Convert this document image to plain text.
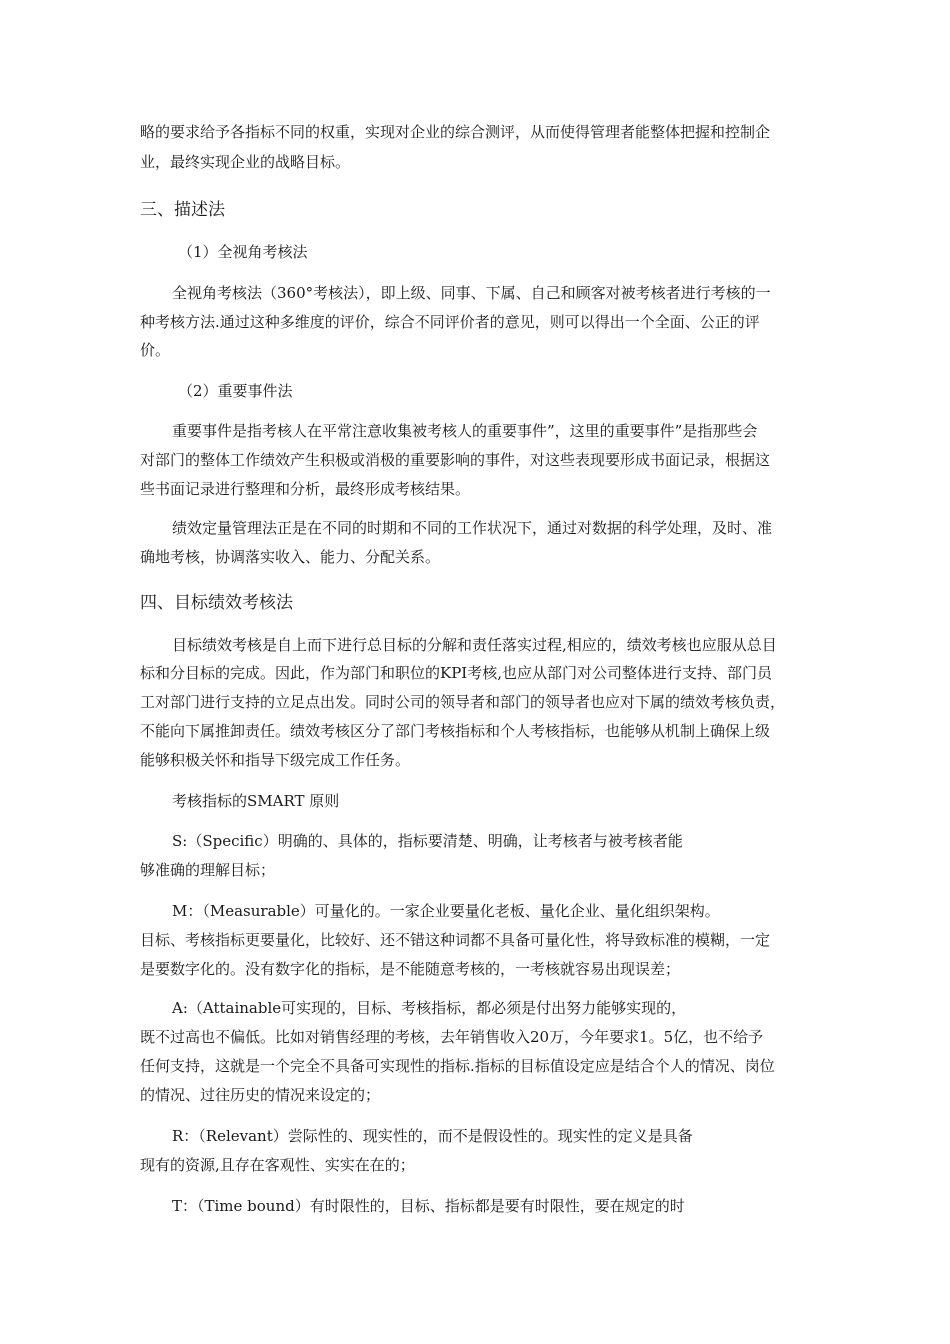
略的要求给予各指标不同的权重，实现对企业的综合测评，从而使得管理者能整体把握和控制企
业，最终实现企业的战略目标。
三、描述法
（1）全视角考核法
全视角考核法（360°考核法），即上级、同事、下属、自己和顾客对被考核者进行考核的一
种考核方法.通过这种多维度的评价，综合不同评价者的意见，则可以得出一个全面、公正的评
价。
（2）重要事件法
重要事件是指考核人在平常注意收集被考核人的重要事件”，这里的重要事件”是指那些会
对部门的整体工作绩效产生积极或消极的重要影响的事件，对这些表现要形成书面记录，根据这
些书面记录进行整理和分析，最终形成考核结果。
绩效定量管理法正是在不同的时期和不同的工作状况下，通过对数据的科学处理，及时、准
确地考核，协调落实收入、能力、分配关系。
四、目标绩效考核法
目标绩效考核是自上而下进行总目标的分解和责任落实过程,相应的，绩效考核也应服从总目
标和分目标的完成。因此，作为部门和职位的KPI考核,也应从部门对公司整体进行支持、部门员
工对部门进行支持的立足点出发。同时公司的领导者和部门的领导者也应对下属的绩效考核负责，
不能向下属推卸责任。绩效考核区分了部门考核指标和个人考核指标，也能够从机制上确保上级
能够积极关怀和指导下级完成工作任务。
考核指标的SMART 原则
S:（Specific）明确的、具体的，指标要清楚、明确，让考核者与被考核者能
够准确的理解目标；
M：（Measurable）可量化的。一家企业要量化老板、量化企业、量化组织架构。
目标、考核指标更要量化，比较好、还不错这种词都不具备可量化性，将导致标准的模糊，一定
是要数字化的。没有数字化的指标，是不能随意考核的，一考核就容易出现误差；
A:（Attainable可实现的，目标、考核指标，都必须是付出努力能够实现的，
既不过高也不偏低。比如对销售经理的考核，去年销售收入20万，今年要求1。5亿，也不给予
任何支持，这就是一个完全不具备可实现性的指标.指标的目标值设定应是结合个人的情况、岗位
的情况、过往历史的情况来设定的；
R：（Relevant）尝际性的、现实性的，而不是假设性的。现实性的定义是具备
现有的资源,且存在客观性、实实在在的；
T：（Time bound）有时限性的，目标、指标都是要有时限性，要在规定的时
